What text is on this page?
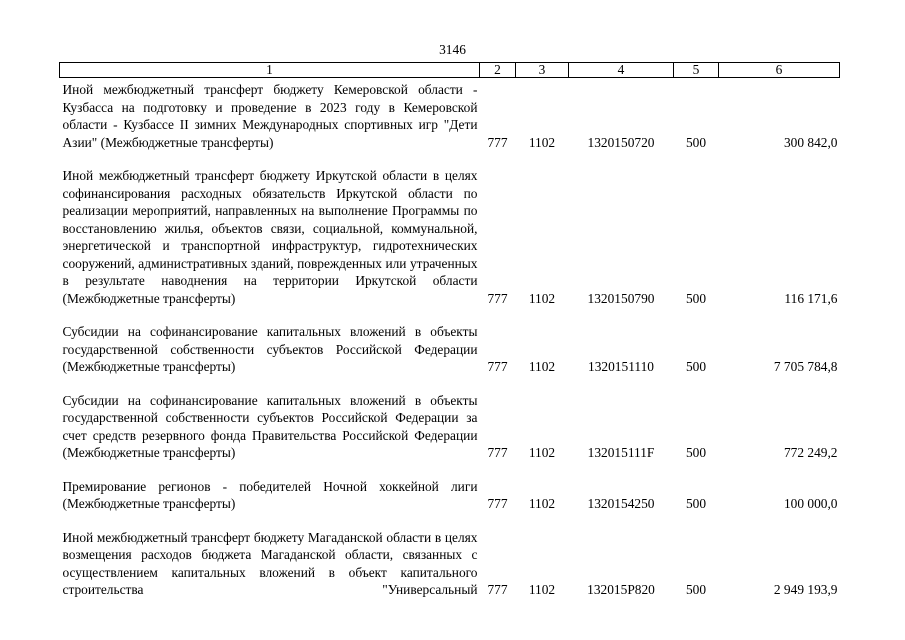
3146
1	2	3	4	5	6
Иной межбюджетный трансферт бюджету Кемеровской области - Кузбасса на подготовку и проведение в 2023 году в Кемеровской области - Кузбассе II зимних Международных спортивных игр "Дети Азии" (Межбюджетные трансферты)	777	1102	1320150720	500	300 842,0

Иной межбюджетный трансферт бюджету Иркутской области в целях софинансирования расходных обязательств Иркутской области по реализации мероприятий, направленных на выполнение Программы по восстановлению жилья, объектов связи, социальной, коммунальной, энергетической и транспортной инфраструктур, гидротехнических сооружений, административных зданий, поврежденных или утраченных в результате наводнения на территории Иркутской области (Межбюджетные трансферты)	777	1102	1320150790	500	116 171,6

Субсидии на софинансирование капитальных вложений в объекты государственной собственности субъектов Российской Федерации (Межбюджетные трансферты)	777	1102	1320151110	500	7 705 784,8

Субсидии на софинансирование капитальных вложений в объекты государственной собственности субъектов Российской Федерации за счет средств резервного фонда Правительства Российской Федерации (Межбюджетные трансферты)	777	1102	132015111F	500	772 249,2

Премирование регионов - победителей Ночной хоккейной лиги (Межбюджетные трансферты)	777	1102	1320154250	500	100 000,0

Иной межбюджетный трансферт бюджету Магаданской области в целях возмещения расходов бюджета Магаданской области, связанных с осуществлением капитальных вложений в объект капитального строительства "Универсальный	777	1102	132015Р820	500	2 949 193,9
